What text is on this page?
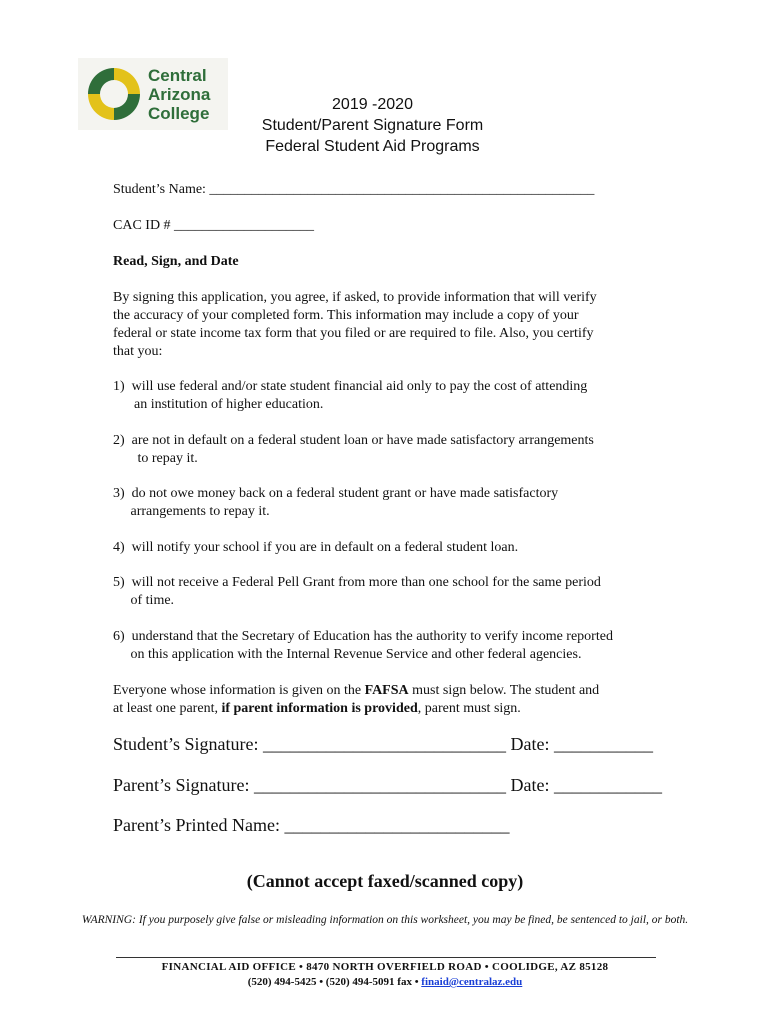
Central
Arizona
College	2019 -2020
Student/Parent Signature Form
Federal Student Aid Programs
Student’s Name: _______________________________________________________
CAC ID # ____________________
Read, Sign, and Date
By signing this application, you agree, if asked, to provide information that will verify
the accuracy of your completed form. This information may include a copy of your
federal or state income tax form that you filed or are required to file. Also, you certify
that you:
1)  will use federal and/or state student financial aid only to pay the cost of attending
an institution of higher education.
2)  are not in default on a federal student loan or have made satisfactory arrangements
to repay it.
3)  do not owe money back on a federal student grant or have made satisfactory
arrangements to repay it.
4)  will notify your school if you are in default on a federal student loan.
5)  will not receive a Federal Pell Grant from more than one school for the same period
of time.
6)  understand that the Secretary of Education has the authority to verify income reported
on this application with the Internal Revenue Service and other federal agencies.
Everyone whose information is given on the FAFSA must sign below. The student and
at least one parent, if parent information is provided, parent must sign.
Student’s Signature: ___________________________ Date: ___________
Parent’s Signature: ____________________________ Date: ____________
Parent’s Printed Name: _________________________
(Cannot accept faxed/scanned copy)
WARNING: If you purposely give false or misleading information on this worksheet, you may be fined, be sentenced to jail, or both.
FINANCIAL AID OFFICE • 8470 NORTH OVERFIELD ROAD • COOLIDGE, AZ 85128
(520) 494-5425 • (520) 494-5091 fax • finaid@centralaz.edu
